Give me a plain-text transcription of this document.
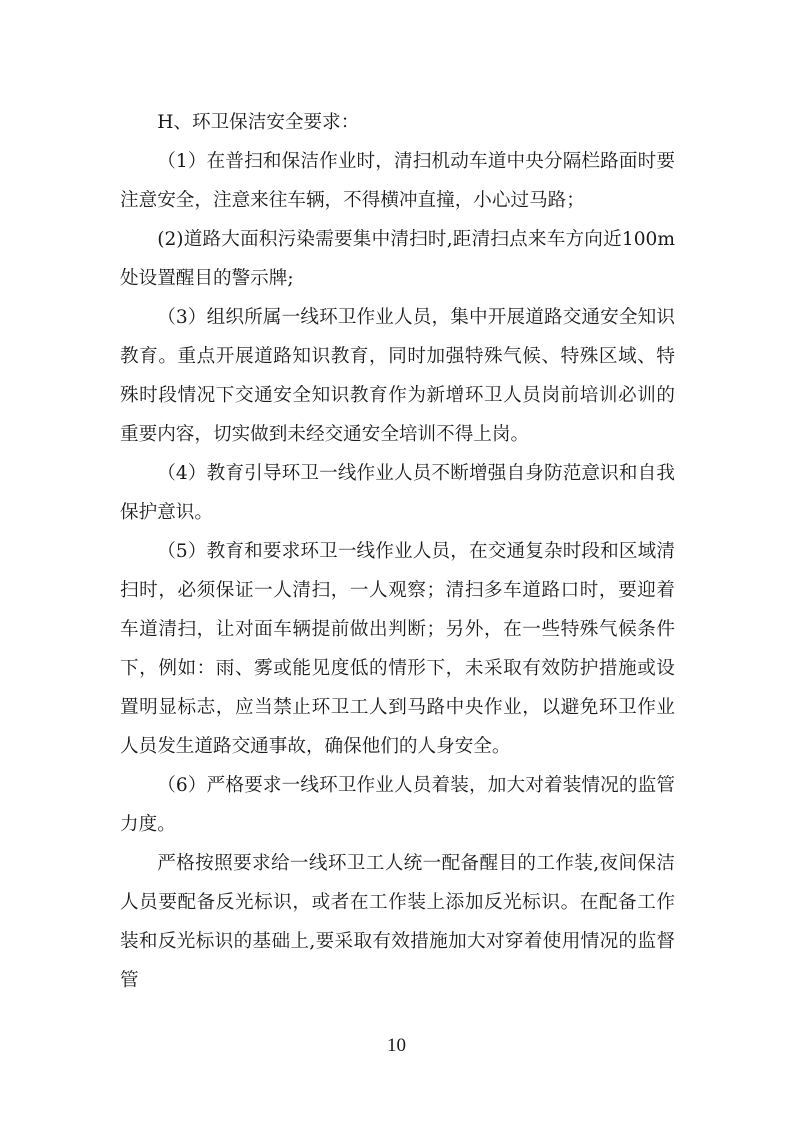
H、环卫保洁安全要求：

（1）在普扫和保洁作业时，清扫机动车道中央分隔栏路面时要注意安全，注意来往车辆，不得横冲直撞，小心过马路；

(2)道路大面积污染需要集中清扫时,距清扫点来车方向近100m处设置醒目的警示牌;

（3）组织所属一线环卫作业人员，集中开展道路交通安全知识教育。重点开展道路知识教育，同时加强特殊气候、特殊区域、特殊时段情况下交通安全知识教育作为新增环卫人员岗前培训必训的重要内容，切实做到未经交通安全培训不得上岗。

（4）教育引导环卫一线作业人员不断增强自身防范意识和自我保护意识。

（5）教育和要求环卫一线作业人员，在交通复杂时段和区域清扫时，必须保证一人清扫，一人观察；清扫多车道路口时，要迎着车道清扫，让对面车辆提前做出判断；另外，在一些特殊气候条件下，例如：雨、雾或能见度低的情形下，未采取有效防护措施或设置明显标志，应当禁止环卫工人到马路中央作业，以避免环卫作业人员发生道路交通事故，确保他们的人身安全。

（6）严格要求一线环卫作业人员着装，加大对着装情况的监管力度。

严格按照要求给一线环卫工人统一配备醒目的工作装,夜间保洁人员要配备反光标识，或者在工作装上添加反光标识。在配备工作装和反光标识的基础上,要采取有效措施加大对穿着使用情况的监督管

10
